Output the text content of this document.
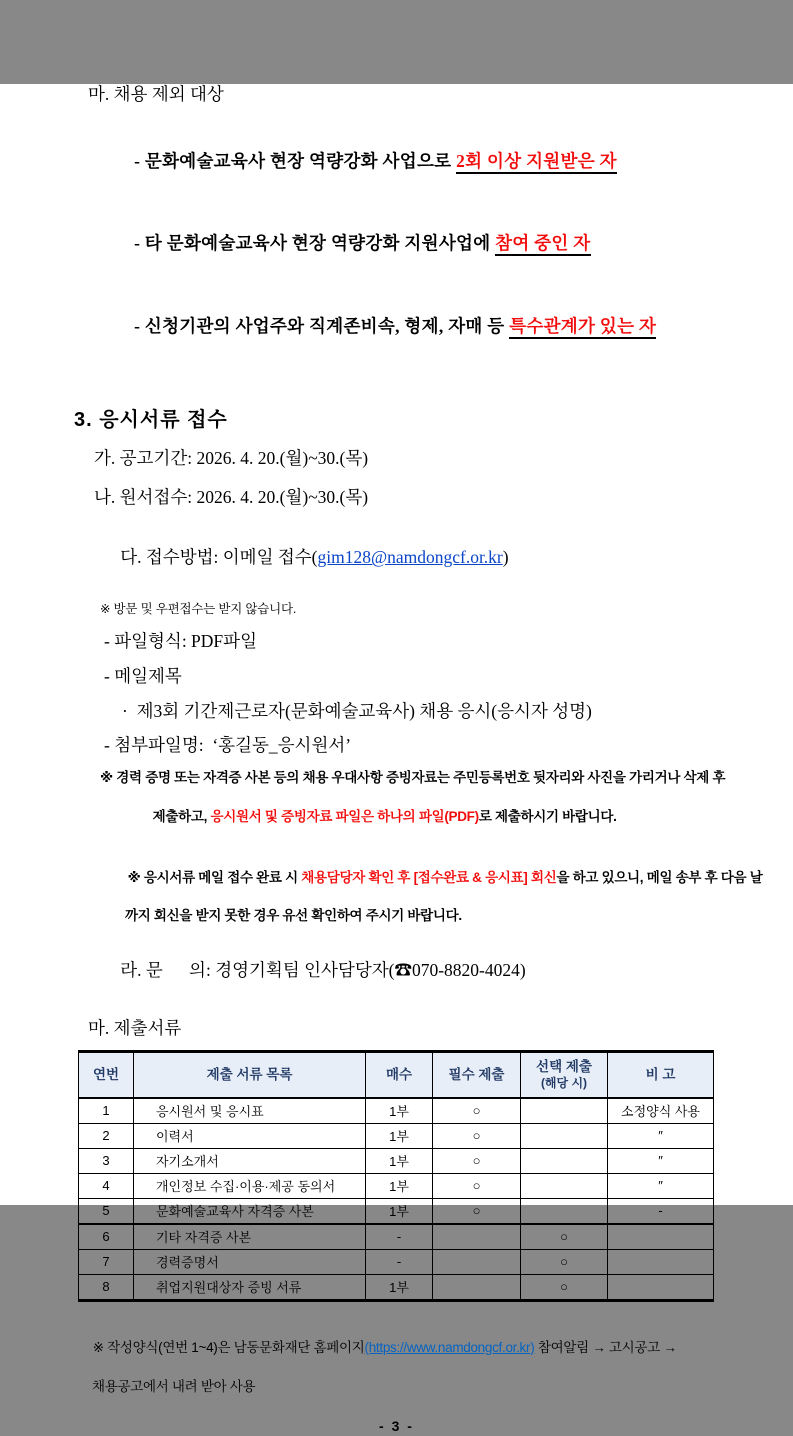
마. 채용 제외 대상

- 문화예술교육사 현장 역량강화 사업으로 2회 이상 지원받은 자

- 타 문화예술교육사 현장 역량강화 지원사업에 참여 중인 자

- 신청기관의 사업주와 직계존비속, 형제, 자매 등 특수관계가 있는 자

3. 응시서류 접수
가. 공고기간: 2026. 4. 20.(월)~30.(목)
나. 원서접수: 2026. 4. 20.(월)~30.(목)

다. 접수방법: 이메일 접수(gim128@namdongcf.or.kr)

※ 방문 및 우편접수는 받지 않습니다.
- 파일형식: PDF파일
- 메일제목
·  제3회 기간제근로자(문화예술교육사) 채용 응시(응시자 성명)
- 첨부파일명:  ‘홍길동_응시원서’
※ 경력 증명 또는 자격증 사본 등의 채용 우대사항 증빙자료는 주민등록번호 뒷자리와 사진을 가리거나 삭제 후

제출하고, 응시원서 및 증빙자료 파일은 하나의 파일(PDF)로 제출하시기 바랍니다.

※ 응시서류 메일 접수 완료 시 채용담당자 확인 후 [접수완료 & 응시표] 회신을 하고 있으니, 메일 송부 후 다음 날

까지 회신을 받지 못한 경우 유선 확인하여 주시기 바랍니다.

라. 문      의: 경영기획팀 인사담당자(☎070-8820-4024)

마. 제출서류
연번	제출 서류 목록	매수	필수 제출	선택 제출
(해당 시)	비 고
1	응시원서 및 응시표	1부	○		소정양식 사용
2	이력서	1부	○		″
3	자기소개서	1부	○		″
4	개인정보 수집·이용·제공 동의서	1부	○		″
5	문화예술교육사 자격증 사본	1부	○		-
6	기타 자격증 사본	-		○	
7	경력증명서	-		○	
8	취업지원대상자 증빙 서류	1부		○	

※ 작성양식(연번 1~4)은 남동문화재단 홈페이지(https://www.namdongcf.or.kr) 참여알림 → 고시공고 →

채용공고에서 내려 받아 사용
- 3 -
